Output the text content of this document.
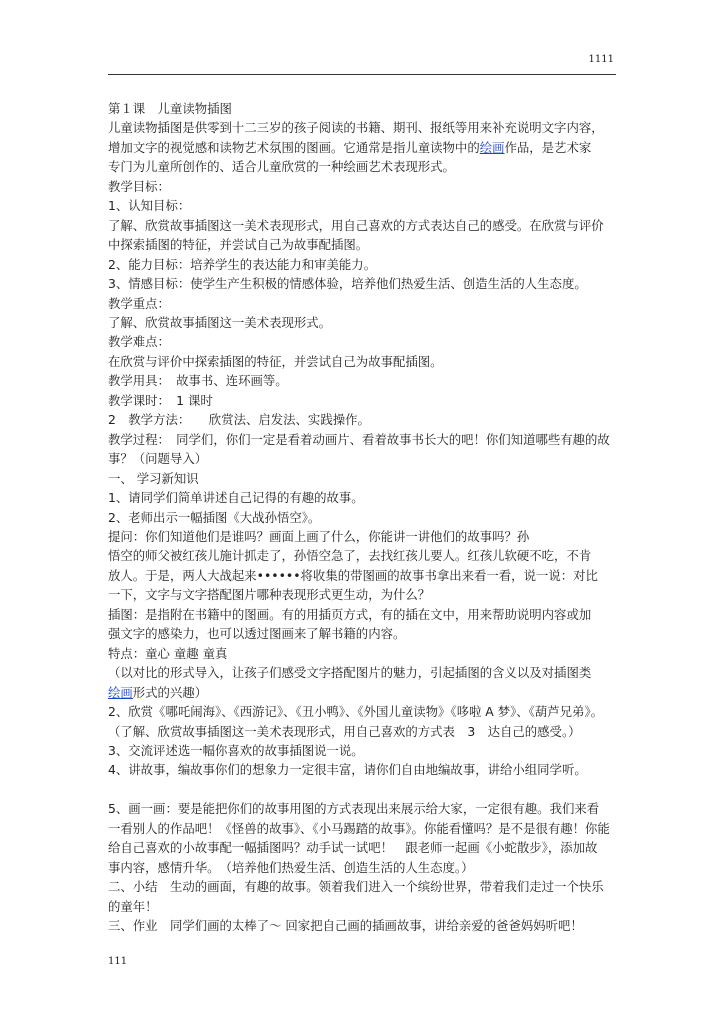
1111
第１课　儿童读物插图
儿童读物插图是供零到十二三岁的孩子阅读的书籍、期刊、报纸等用来补充说明文字内容，
增加文字的视觉感和读物艺术氛围的图画。它通常是指儿童读物中的绘画作品，是艺术家
专门为儿童所创作的、适合儿童欣赏的一种绘画艺术表现形式。
教学目标：
1、认知目标：
了解、欣赏故事插图这一美术表现形式，用自己喜欢的方式表达自己的感受。在欣赏与评价
中探索插图的特征，并尝试自己为故事配插图。
2、能力目标：培养学生的表达能力和审美能力。
3、情感目标：使学生产生积极的情感体验，培养他们热爱生活、创造生活的人生态度。
教学重点：
了解、欣赏故事插图这一美术表现形式。
教学难点：
在欣赏与评价中探索插图的特征，并尝试自己为故事配插图。
教学用具：　故事书、连环画等。
教学课时：　1 课时
2　教学方法：　　欣赏法、启发法、实践操作。
教学过程：　同学们，你们一定是看着动画片、看着故事书长大的吧！你们知道哪些有趣的故
事？（问题导入）
一、 学习新知识
1、请同学们简单讲述自己记得的有趣的故事。
2、老师出示一幅插图《大战孙悟空》。
提问：你们知道他们是谁吗？画面上画了什么，你能讲一讲他们的故事吗？孙
悟空的师父被红孩儿施计抓走了，孙悟空急了，去找红孩儿要人。红孩儿软硬不吃，不肯
放人。于是，两人大战起来••••••将收集的带图画的故事书拿出来看一看，说一说：对比
一下，文字与文字搭配图片哪种表现形式更生动，为什么？
插图：是指附在书籍中的图画。有的用插页方式，有的插在文中，用来帮助说明内容或加
强文字的感染力，也可以透过图画来了解书籍的内容。
特点：童心 童趣 童真
（以对比的形式导入，让孩子们感受文字搭配图片的魅力，引起插图的含义以及对插图类
绘画形式的兴趣）
2、欣赏《哪吒闹海》、《西游记》、《丑小鸭》、《外国儿童读物》《哆啦 A 梦》、《葫芦兄弟》。
（了解、欣赏故事插图这一美术表现形式，用自己喜欢的方式表　3　达自己的感受。）
3、交流评述选一幅你喜欢的故事插图说一说。
4、讲故事，编故事你们的想象力一定很丰富，请你们自由地编故事，讲给小组同学听。
5、画一画：要是能把你们的故事用图的方式表现出来展示给大家，一定很有趣。我们来看
一看别人的作品吧！《怪兽的故事》、《小马踢踏的故事》。你能看懂吗？是不是很有趣！你能
给自己喜欢的小故事配一幅插图吗？动手试一试吧！　跟老师一起画《小蛇散步》，添加故
事内容，感情升华。　（培养他们热爱生活、创造生活的人生态度。）
二、小结　生动的画面，有趣的故事。领着我们进入一个缤纷世界，带着我们走过一个快乐
的童年！
三、作业　同学们画的太棒了～ 回家把自己画的插画故事，讲给亲爱的爸爸妈妈听吧！
111
